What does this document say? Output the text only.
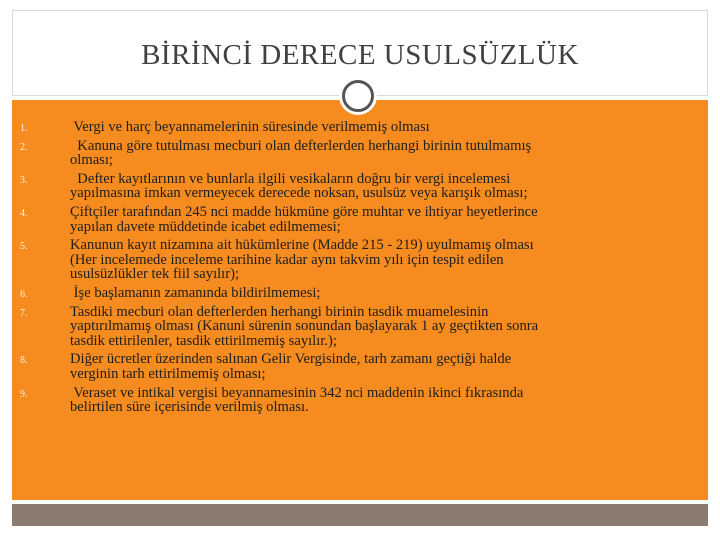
BİRİNCİ DERECE USULSÜZLÜK
1.	Vergi ve harç beyannamelerinin süresinde verilmemiş olması
2.	Kanuna göre tutulması mecburi olan defterlerden herhangi birinin tutulmamış
olması;
3.	Defter kayıtlarının ve bunlarla ilgili vesikaların doğru bir vergi incelemesi
yapılmasına imkan vermeyecek derecede noksan, usulsüz veya karışık olması;
4.	Çiftçiler tarafından 245 nci madde hükmüne göre muhtar ve ihtiyar heyetlerince
yapılan davete müddetinde icabet edilmemesi;
5.	Kanunun kayıt nizamına ait hükümlerine (Madde 215 - 219) uyulmamış olması
(Her incelemede inceleme tarihine kadar aynı takvim yılı için tespit edilen
usulsüzlükler tek fiil sayılır);
6.	İşe başlamanın zamanında bildirilmemesi;
7.	Tasdiki mecburi olan defterlerden herhangi birinin tasdik muamelesinin
yaptırılmamış olması (Kanuni sürenin sonundan başlayarak 1 ay geçtikten sonra
tasdik ettirilenler, tasdik ettirilmemiş sayılır.);
8.	Diğer ücretler üzerinden salınan Gelir Vergisinde, tarh zamanı geçtiği halde
verginin tarh ettirilmemiş olması;
9.	Veraset ve intikal vergisi beyannamesinin 342 nci maddenin ikinci fıkrasında
belirtilen süre içerisinde verilmiş olması.
